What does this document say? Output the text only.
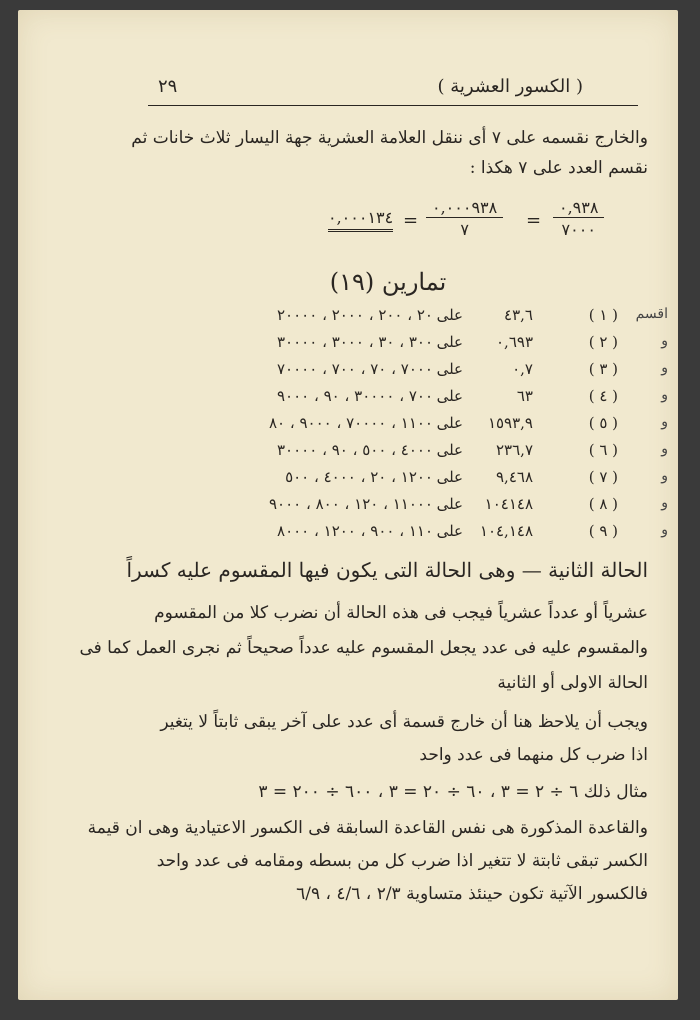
٢٩	( الكسور العشرية )
والخارج نقسمه على ٧ أى ننقل العلامة العشرية جهة اليسار ثلاث خانات ثم
نقسم العدد على ٧ هكذا :
٠,٩٣٨
٧٠٠٠
=
٠,٠٠٠٩٣٨
٧
=
٠,٠٠٠١٣٤
تمارين (١٩)
اقسم
( ١ )
٤٣,٦
على
٢٠ ، ٢٠٠ ، ٢٠٠٠ ، ٢٠٠٠٠
و
( ٢ )
٠,٦٩٣
على
٣٠٠ ، ٣٠ ، ٣٠٠٠ ، ٣٠٠٠٠
و
( ٣ )
٠,٧
على
٧٠٠٠ ، ٧٠ ، ٧٠٠ ، ٧٠٠٠٠
و
( ٤ )
٦٣
على
٧٠٠ ، ٣٠٠٠٠ ، ٩٠ ، ٩٠٠٠
و
( ٥ )
١٥٩٣,٩
على
١١٠٠ ، ٧٠٠٠٠ ، ٩٠٠٠ ، ٨٠
و
( ٦ )
٢٣٦,٧
على
٤٠٠٠ ، ٥٠٠ ، ٩٠ ، ٣٠٠٠٠
و
( ٧ )
٩,٤٦٨
على
١٢٠٠ ، ٢٠ ، ٤٠٠٠ ، ٥٠٠
و
( ٨ )
١٠٤١٤٨
على
١١٠٠٠ ، ١٢٠ ، ٨٠٠ ، ٩٠٠٠
و
( ٩ )
١٠٤,١٤٨
على
١١٠ ، ٩٠٠ ، ١٢٠٠ ، ٨٠٠٠
الحالة الثانية — وهى الحالة التى يكون فيها المقسوم عليه كسراً
عشرياً أو عدداً عشرياً فيجب فى هذه الحالة أن نضرب كلا من المقسوم
والمقسوم عليه فى عدد يجعل المقسوم عليه عدداً صحيحاً ثم نجرى العمل كما فى
الحالة الاولى أو الثانية
ويجب أن يلاحظ هنا أن خارج قسمة أى عدد على آخر يبقى ثابتاً لا يتغير
اذا ضرب كل منهما فى عدد واحد
مثال ذلك ٦ ÷ ٢ = ٣ ، ٦٠ ÷ ٢٠ = ٣ ، ٦٠٠ ÷ ٢٠٠ = ٣
والقاعدة المذكورة هى نفس القاعدة السابقة فى الكسور الاعتيادية وهى ان قيمة
الكسر تبقى ثابتة لا تتغير اذا ضرب كل من بسطه ومقامه فى عدد واحد
فالكسور الآتية تكون حينئذ متساوية ٢/٣ ، ٤/٦ ، ٦/٩
